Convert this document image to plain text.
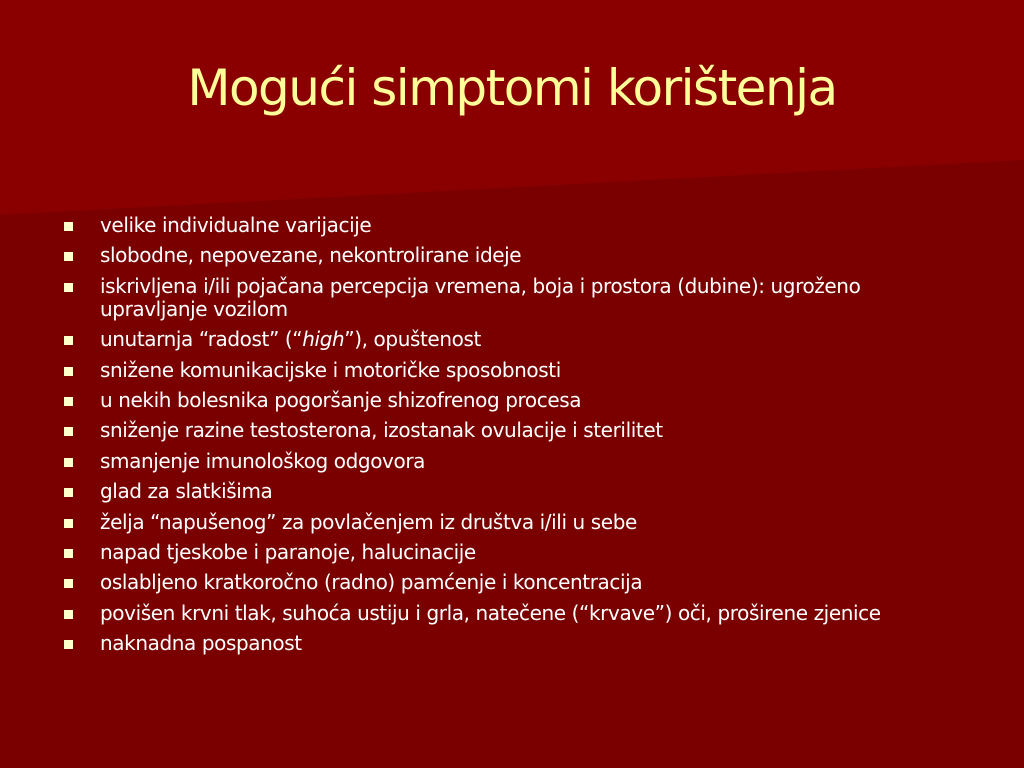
Mogući simptomi korištenja
velike individualne varijacije
slobodne, nepovezane, nekontrolirane ideje
iskrivljena i/ili pojačana percepcija vremena, boja i prostora (dubine): ugroženo upravljanje vozilom
unutarnja “radost” (“high”), opuštenost
snižene komunikacijske i motoričke sposobnosti
u nekih bolesnika pogoršanje shizofrenog procesa
sniženje razine testosterona, izostanak ovulacije i sterilitet
smanjenje imunološkog odgovora
glad za slatkišima
želja “napušenog” za povlačenjem iz društva i/ili u sebe
napad tjeskobe i paranoje, halucinacije
oslabljeno kratkoročno (radno) pamćenje i koncentracija
povišen krvni tlak, suhoća ustiju i grla, natečene (“krvave”) oči, proširene zjenice
naknadna pospanost
